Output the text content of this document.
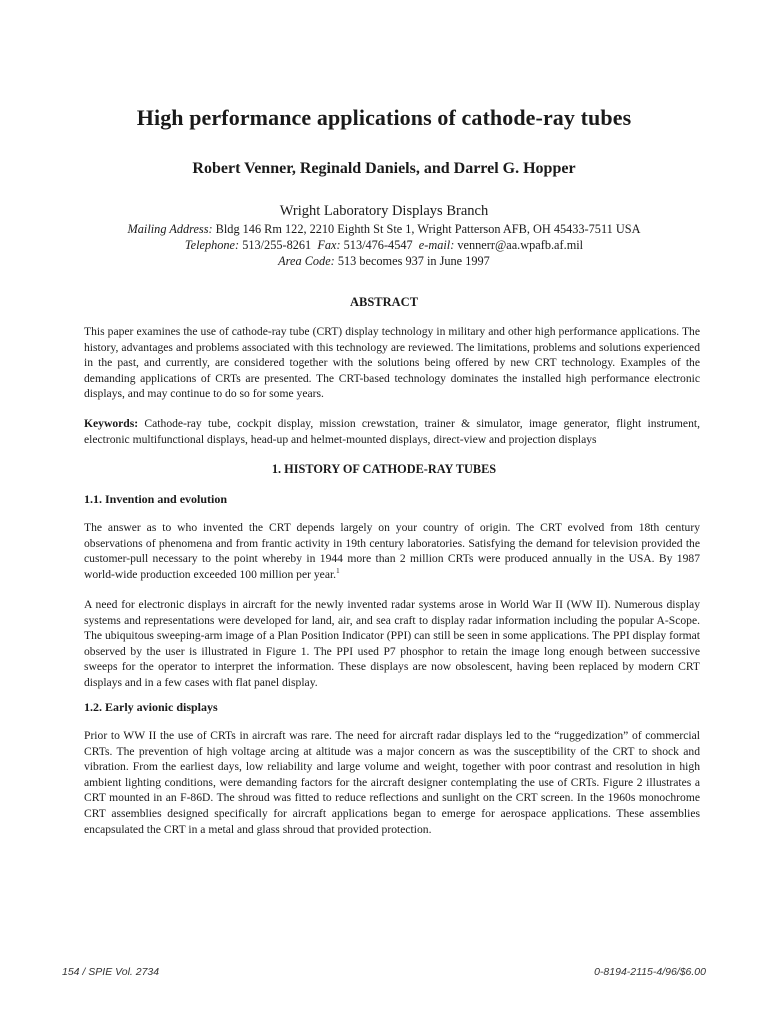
High performance applications of cathode-ray tubes
Robert Venner, Reginald Daniels, and Darrel G. Hopper
Wright Laboratory Displays Branch
Mailing Address: Bldg 146 Rm 122, 2210 Eighth St Ste 1, Wright Patterson AFB, OH 45433-7511 USA
Telephone: 513/255-8261 Fax: 513/476-4547 e-mail: vennerr@aa.wpafb.af.mil
Area Code: 513 becomes 937 in June 1997
ABSTRACT
This paper examines the use of cathode-ray tube (CRT) display technology in military and other high performance applications. The history, advantages and problems associated with this technology are reviewed. The limitations, problems and solutions experienced in the past, and currently, are considered together with the solutions being offered by new CRT technology. Examples of the demanding applications of CRTs are presented. The CRT-based technology dominates the installed high performance electronic displays, and may continue to do so for some years.
Keywords: Cathode-ray tube, cockpit display, mission crewstation, trainer & simulator, image generator, flight instrument, electronic multifunctional displays, head-up and helmet-mounted displays, direct-view and projection displays
1. HISTORY OF CATHODE-RAY TUBES
1.1. Invention and evolution
The answer as to who invented the CRT depends largely on your country of origin. The CRT evolved from 18th century observations of phenomena and from frantic activity in 19th century laboratories. Satisfying the demand for television provided the customer-pull necessary to the point whereby in 1944 more than 2 million CRTs were produced annually in the USA. By 1987 world-wide production exceeded 100 million per year.$^1$
A need for electronic displays in aircraft for the newly invented radar systems arose in World War II (WW II). Numerous display systems and representations were developed for land, air, and sea craft to display radar information including the popular A-Scope. The ubiquitous sweeping-arm image of a Plan Position Indicator (PPI) can still be seen in some applications. The PPI display format observed by the user is illustrated in Figure 1. The PPI used P7 phosphor to retain the image long enough between successive sweeps for the operator to interpret the information. These displays are now obsolescent, having been replaced by modern CRT displays and in a few cases with flat panel display.
1.2. Early avionic displays
Prior to WW II the use of CRTs in aircraft was rare. The need for aircraft radar displays led to the “ruggedization” of commercial CRTs. The prevention of high voltage arcing at altitude was a major concern as was the susceptibility of the CRT to shock and vibration. From the earliest days, low reliability and large volume and weight, together with poor contrast and resolution in high ambient lighting conditions, were demanding factors for the aircraft designer contemplating the use of CRTs. Figure 2 illustrates a CRT mounted in an F-86D. The shroud was fitted to reduce reflections and sunlight on the CRT screen. In the 1960s monochrome CRT assemblies designed specifically for aircraft applications began to emerge for aerospace applications. These assemblies encapsulated the CRT in a metal and glass shroud that provided protection.
154 / SPIE Vol. 2734	0-8194-2115-4/96/$6.00
